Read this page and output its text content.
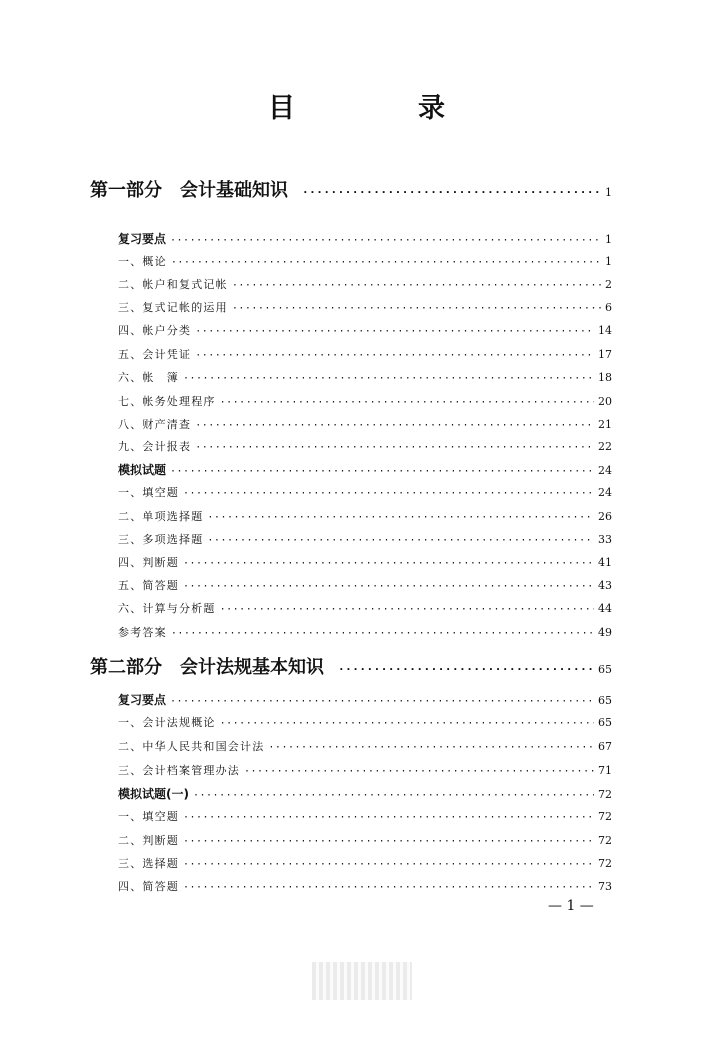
目　录
第一部分　会计基础知识 ·····	1
复习要点 ·····	1
一、概论 ·····	1
二、帐户和复式记帐 ·····	2
三、复式记帐的运用 ·····	6
四、帐户分类 ·····	14
五、会计凭证 ·····	17
六、帐　簿 ·····	18
七、帐务处理程序 ·····	20
八、财产清查 ·····	21
九、会计报表 ·····	22
模拟试题 ·····	24
一、填空题 ·····	24
二、单项选择题 ·····	26
三、多项选择题 ·····	33
四、判断题 ·····	41
五、简答题 ·····	43
六、计算与分析题 ·····	44
参考答案 ·····	49
第二部分　会计法规基本知识 ·····	65
复习要点 ·····	65
一、会计法规概论 ·····	65
二、中华人民共和国会计法 ·····	67
三、会计档案管理办法 ·····	71
模拟试题(一) ·····	72
一、填空题 ·····	72
二、判断题 ·····	72
三、选择题 ·····	72
四、简答题 ·····	73
— 1 —
